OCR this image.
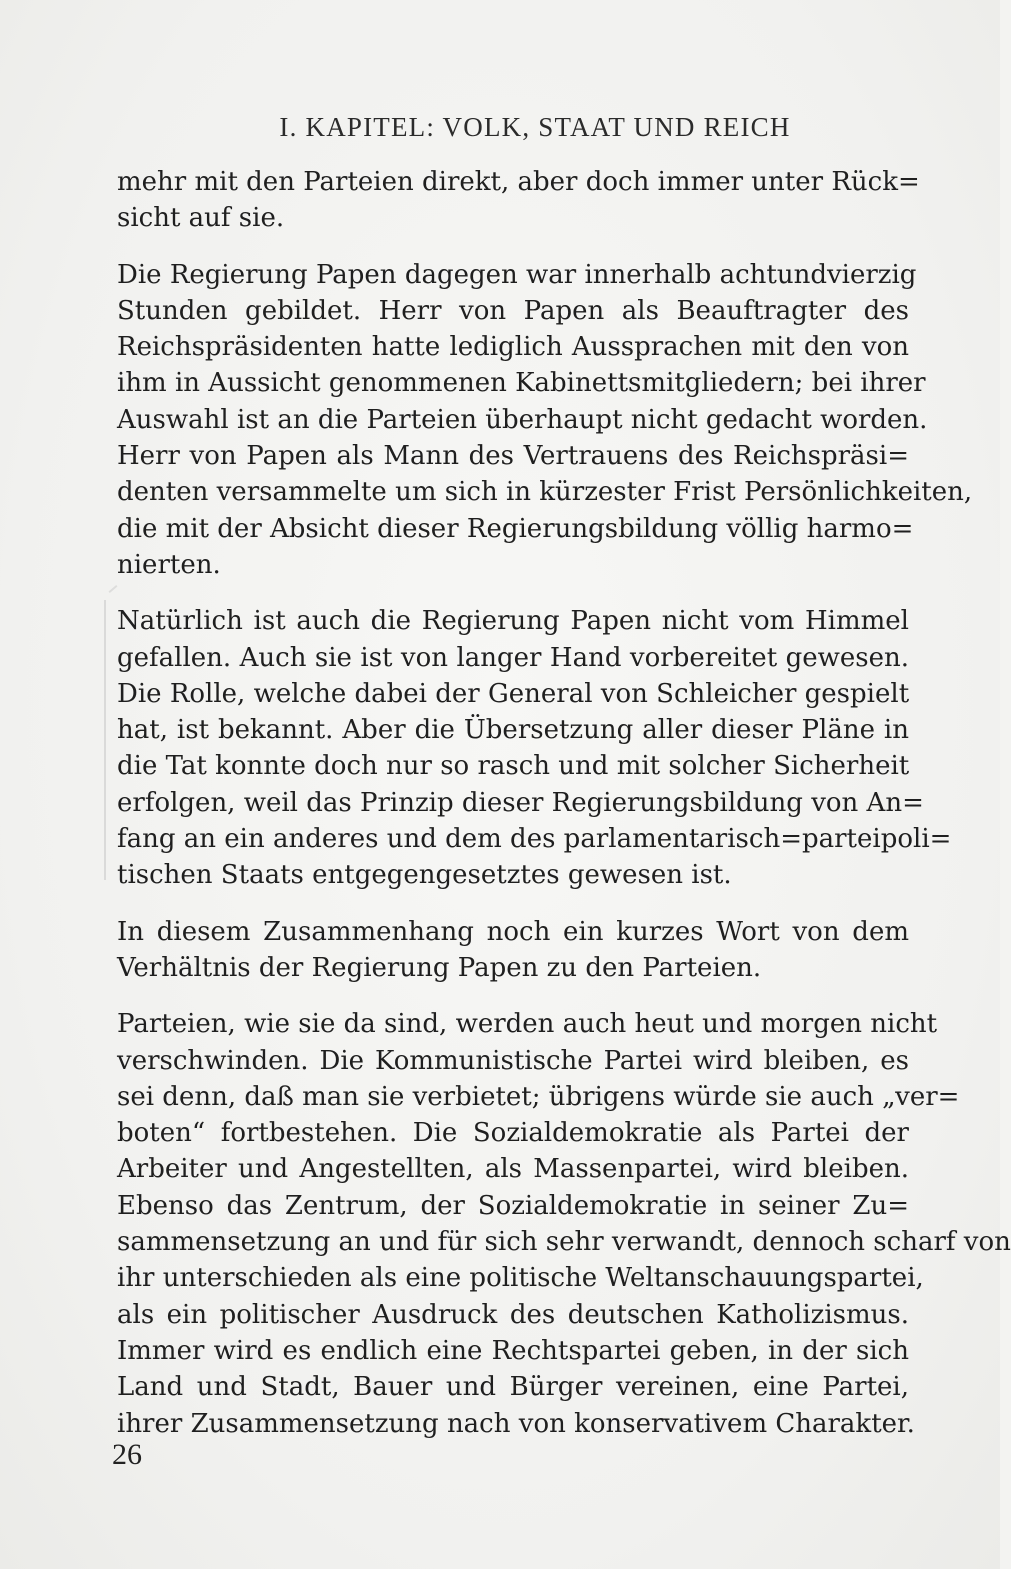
I. KAPITEL: VOLK, STAAT UND REICH
mehr mit den Parteien direkt, aber doch immer unter Rück=
sicht auf sie.
Die Regierung Papen dagegen war innerhalb achtundvierzig
Stunden gebildet. Herr von Papen als Beauftragter des
Reichspräsidenten hatte lediglich Aussprachen mit den von
ihm in Aussicht genommenen Kabinettsmitgliedern; bei ihrer
Auswahl ist an die Parteien überhaupt nicht gedacht worden.
Herr von Papen als Mann des Vertrauens des Reichspräsi=
denten versammelte um sich in kürzester Frist Persönlichkeiten,
die mit der Absicht dieser Regierungsbildung völlig harmo=
nierten.
Natürlich ist auch die Regierung Papen nicht vom Himmel
gefallen. Auch sie ist von langer Hand vorbereitet gewesen.
Die Rolle, welche dabei der General von Schleicher gespielt
hat, ist bekannt. Aber die Übersetzung aller dieser Pläne in
die Tat konnte doch nur so rasch und mit solcher Sicherheit
erfolgen, weil das Prinzip dieser Regierungsbildung von An=
fang an ein anderes und dem des parlamentarisch=parteipoli=
tischen Staats entgegengesetztes gewesen ist.
In diesem Zusammenhang noch ein kurzes Wort von dem
Verhältnis der Regierung Papen zu den Parteien.
Parteien, wie sie da sind, werden auch heut und morgen nicht
verschwinden. Die Kommunistische Partei wird bleiben, es
sei denn, daß man sie verbietet; übrigens würde sie auch „ver=
boten“ fortbestehen. Die Sozialdemokratie als Partei der
Arbeiter und Angestellten, als Massenpartei, wird bleiben.
Ebenso das Zentrum, der Sozialdemokratie in seiner Zu=
sammensetzung an und für sich sehr verwandt, dennoch scharf von
ihr unterschieden als eine politische Weltanschauungspartei,
als ein politischer Ausdruck des deutschen Katholizismus.
Immer wird es endlich eine Rechtspartei geben, in der sich
Land und Stadt, Bauer und Bürger vereinen, eine Partei,
ihrer Zusammensetzung nach von konservativem Charakter.
26
